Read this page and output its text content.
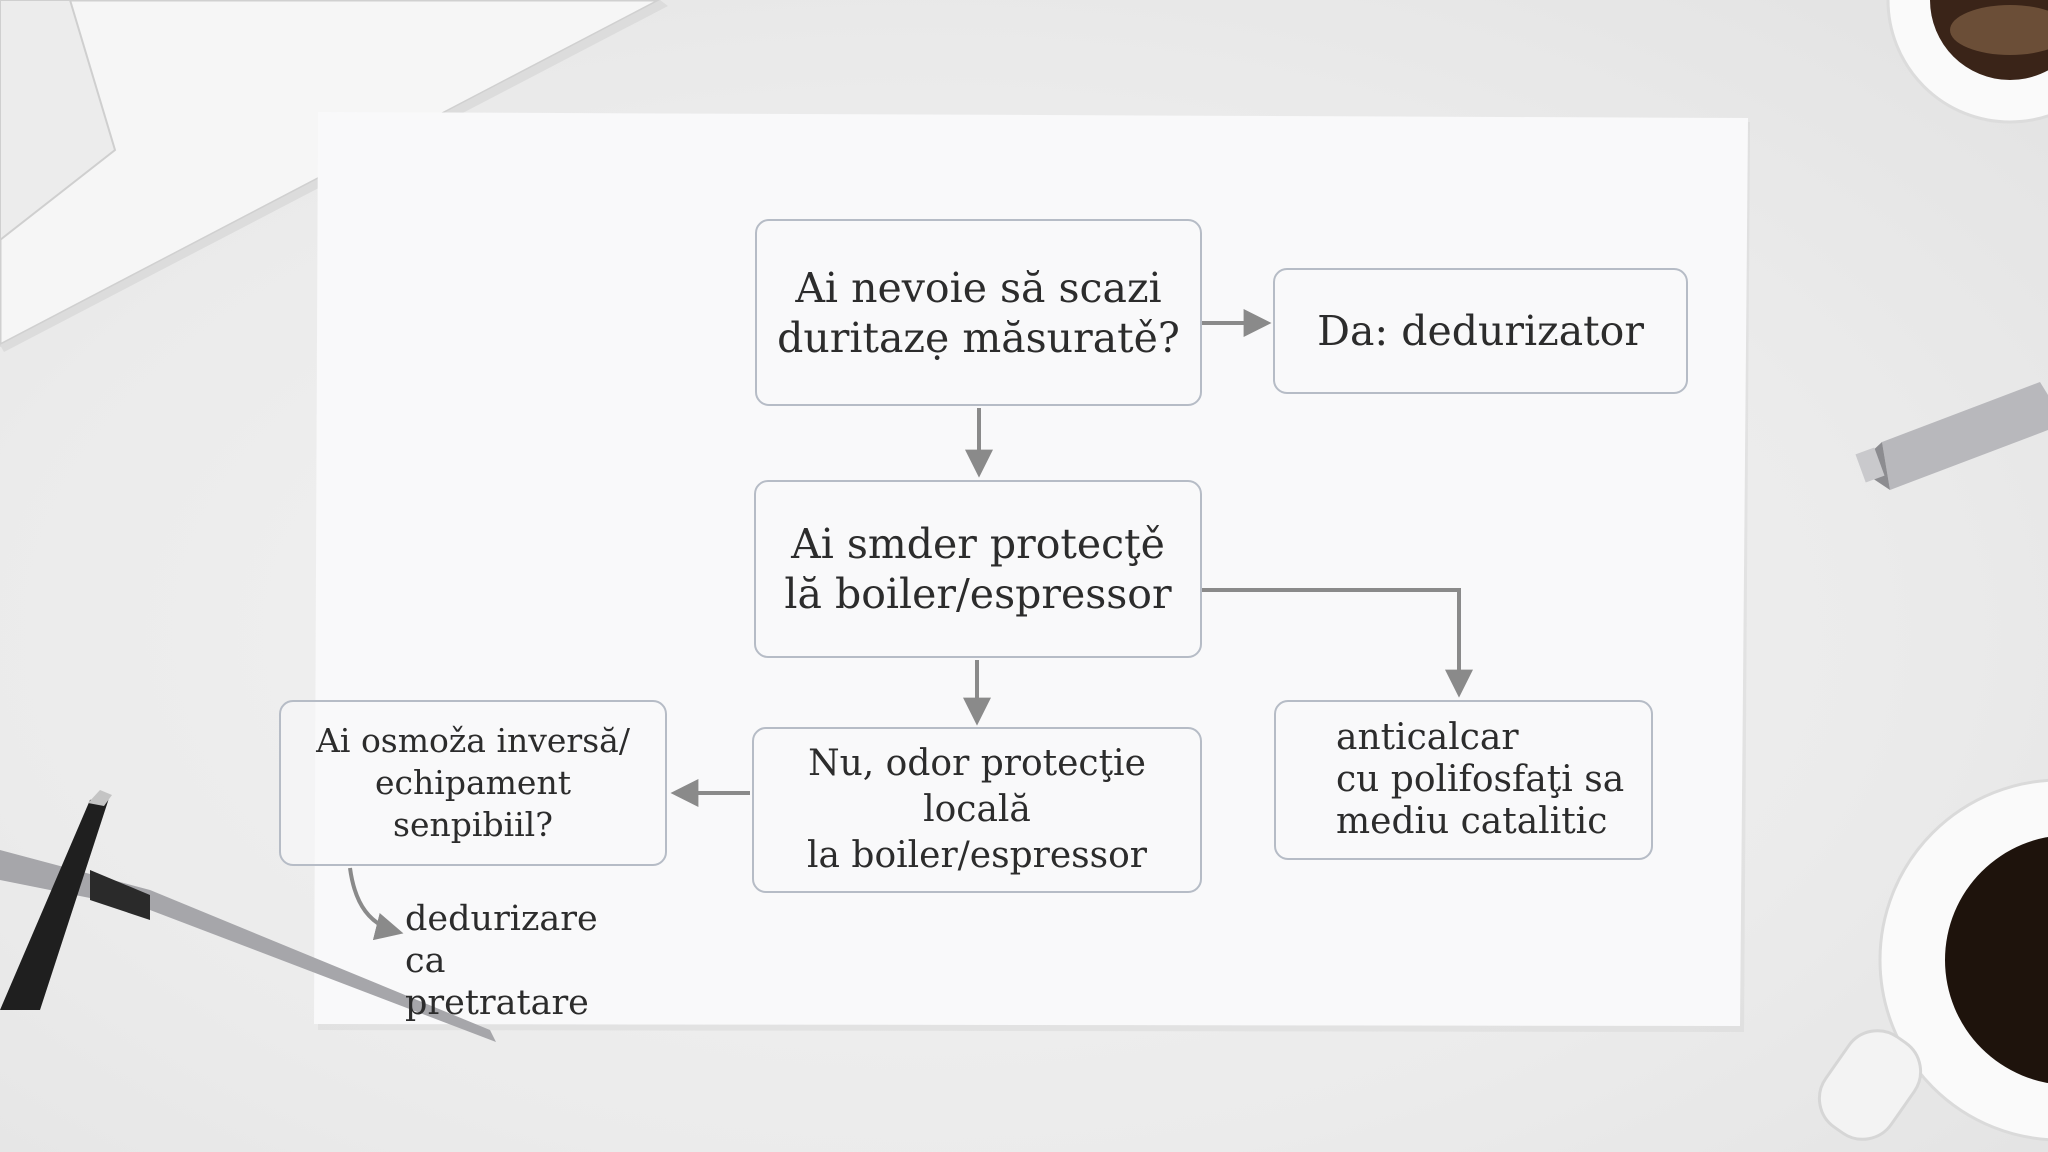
Ai nevoie să scazi
duritazẹ măsuratě?	Da: dedurizator
Ai smder protecţě
lă boiler/espressor
Nu, odor protecţie locală
la boiler/espressor
anticalcar
cu polifosfaţi sa
mediu catalitic
Ai osmoža inversă/
echipament
senpibiil?
dedurizare ca
pretratare
